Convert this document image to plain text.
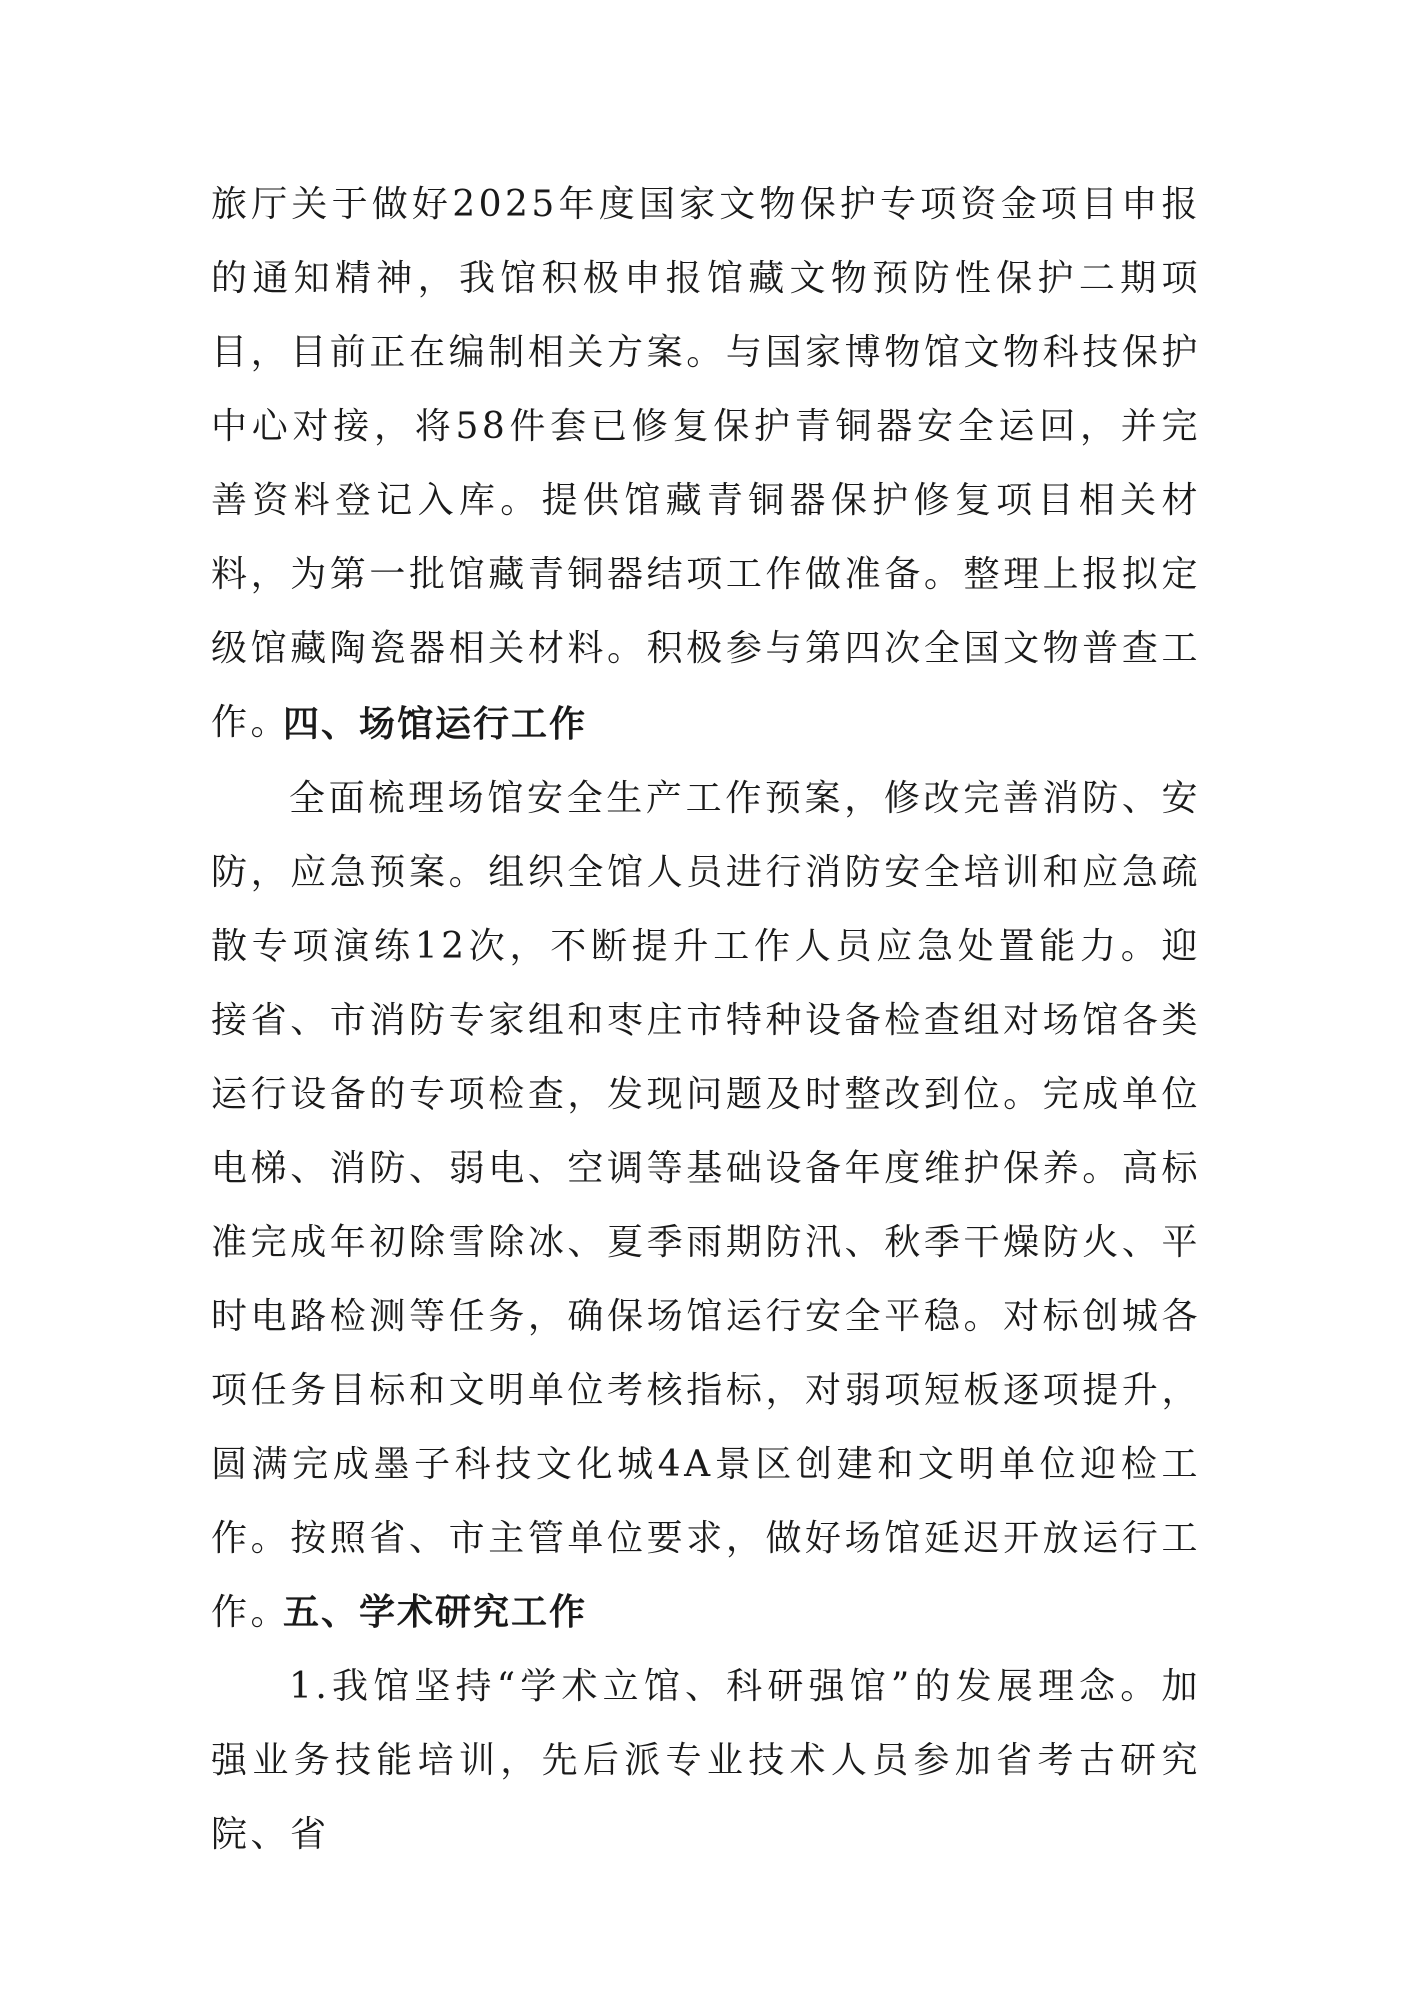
旅厅关于做好2025年度国家文物保护专项资金项目申报的通知精神，我馆积极申报馆藏文物预防性保护二期项目，目前正在编制相关方案。与国家博物馆文物科技保护中心对接，将58件套已修复保护青铜器安全运回，并完善资料登记入库。提供馆藏青铜器保护修复项目相关材料，为第一批馆藏青铜器结项工作做准备。整理上报拟定级馆藏陶瓷器相关材料。积极参与第四次全国文物普查工作。

四、场馆运行工作

全面梳理场馆安全生产工作预案，修改完善消防、安防，应急预案。组织全馆人员进行消防安全培训和应急疏散专项演练12次，不断提升工作人员应急处置能力。迎接省、市消防专家组和枣庄市特种设备检查组对场馆各类运行设备的专项检查，发现问题及时整改到位。完成单位电梯、消防、弱电、空调等基础设备年度维护保养。高标准完成年初除雪除冰、夏季雨期防汛、秋季干燥防火、平时电路检测等任务，确保场馆运行安全平稳。对标创城各项任务目标和文明单位考核指标，对弱项短板逐项提升，圆满完成墨子科技文化城4A景区创建和文明单位迎检工作。按照省、市主管单位要求，做好场馆延迟开放运行工作。

五、学术研究工作

1.我馆坚持“学术立馆、科研强馆”的发展理念。加强业务技能培训，先后派专业技术人员参加省考古研究院、省
